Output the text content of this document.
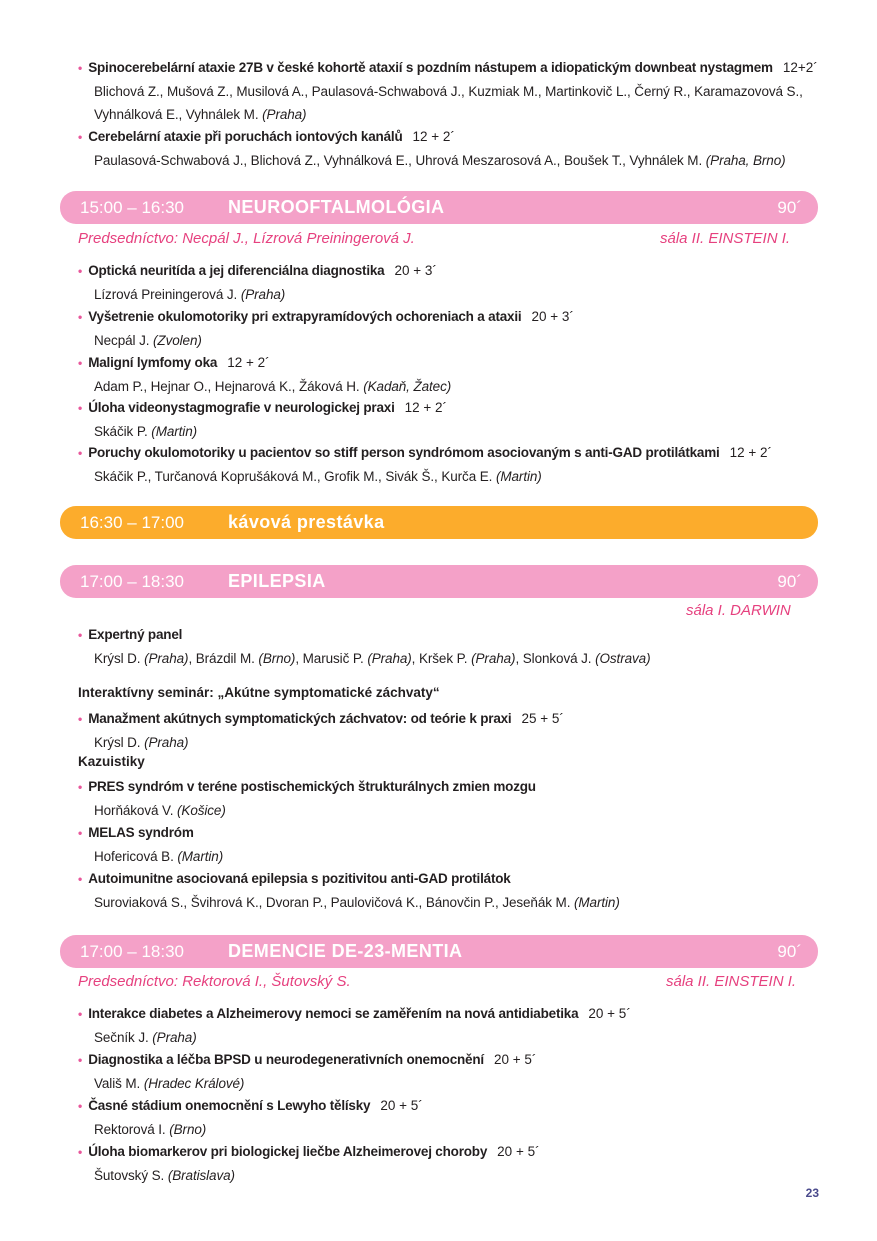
• Spinocerebelární ataxie 27B v české kohortě ataxií s pozdním nástupem a idiopatickým downbeat nystagmem 12+2´
Blichová Z., Mušová Z., Musilová A., Paulasová-Schwabová J., Kuzmiak M., Martinkovič L., Černý R., Karamazovová S.,
Vyhnálková E., Vyhnálek M. (Praha)
• Cerebelární ataxie při poruchách iontových kanálů 12 + 2´
Paulasová-Schwabová J., Blichová Z., Vyhnálková E., Uhrová Meszarosová A., Boušek T., Vyhnálek M. (Praha, Brno)
15:00 – 16:30 NEUROOFTALMOLÓGIA	90´
Predsedníctvo: Necpál J., Lízrová Preiningerová J.	sála II. EINSTEIN I.
• Optická neuritída a jej diferenciálna diagnostika 20 + 3´
Lízrová Preiningerová J. (Praha)
• Vyšetrenie okulomotoriky pri extrapyramídových ochoreniach a ataxii 20 + 3´
Necpál J. (Zvolen)
• Maligní lymfomy oka 12 + 2´
Adam P., Hejnar O., Hejnarová K., Žáková H. (Kadaň, Žatec)
• Úloha videonystagmografie v neurologickej praxi 12 + 2´
Skáčik P. (Martin)
• Poruchy okulomotoriky u pacientov so stiff person syndrómom asociovaným s anti-GAD protilátkami 12 + 2´
Skáčik P., Turčanová Koprušáková M., Grofik M., Sivák Š., Kurča E. (Martin)
16:30 – 17:00 kávová prestávka
17:00 – 18:30 EPILEPSIA	90´
sála I. DARWIN
• Expertný panel
Krýsl D. (Praha), Brázdil M. (Brno), Marusič P. (Praha), Kršek P. (Praha), Slonková J. (Ostrava)
Interaktívny seminár: „Akútne symptomatické záchvaty“
• Manažment akútnych symptomatických záchvatov: od teórie k praxi 25 + 5´
Krýsl D. (Praha)
Kazuistiky
• PRES syndróm v teréne postischemických štrukturálnych zmien mozgu
Horňáková V. (Košice)
• MELAS syndróm
Hofericová B. (Martin)
• Autoimunitne asociovaná epilepsia s pozitivitou anti-GAD protilátok
Suroviaková S., Švihrová K., Dvoran P., Paulovičová K., Bánovčin P., Jeseňák M. (Martin)
17:00 – 18:30 DEMENCIE DE-23-MENTIA	90´
Predsedníctvo: Rektorová I., Šutovský S.	sála II. EINSTEIN I.
• Interakce diabetes a Alzheimerovy nemoci se zaměřením na nová antidiabetika 20 + 5´
Sečník J. (Praha)
• Diagnostika a léčba BPSD u neurodegenerativních onemocnění 20 + 5´
Vališ M. (Hradec Králové)
• Časné stádium onemocnění s Lewyho tělísky 20 + 5´
Rektorová I. (Brno)
• Úloha biomarkerov pri biologickej liečbe Alzheimerovej choroby 20 + 5´
Šutovský S. (Bratislava)
23
